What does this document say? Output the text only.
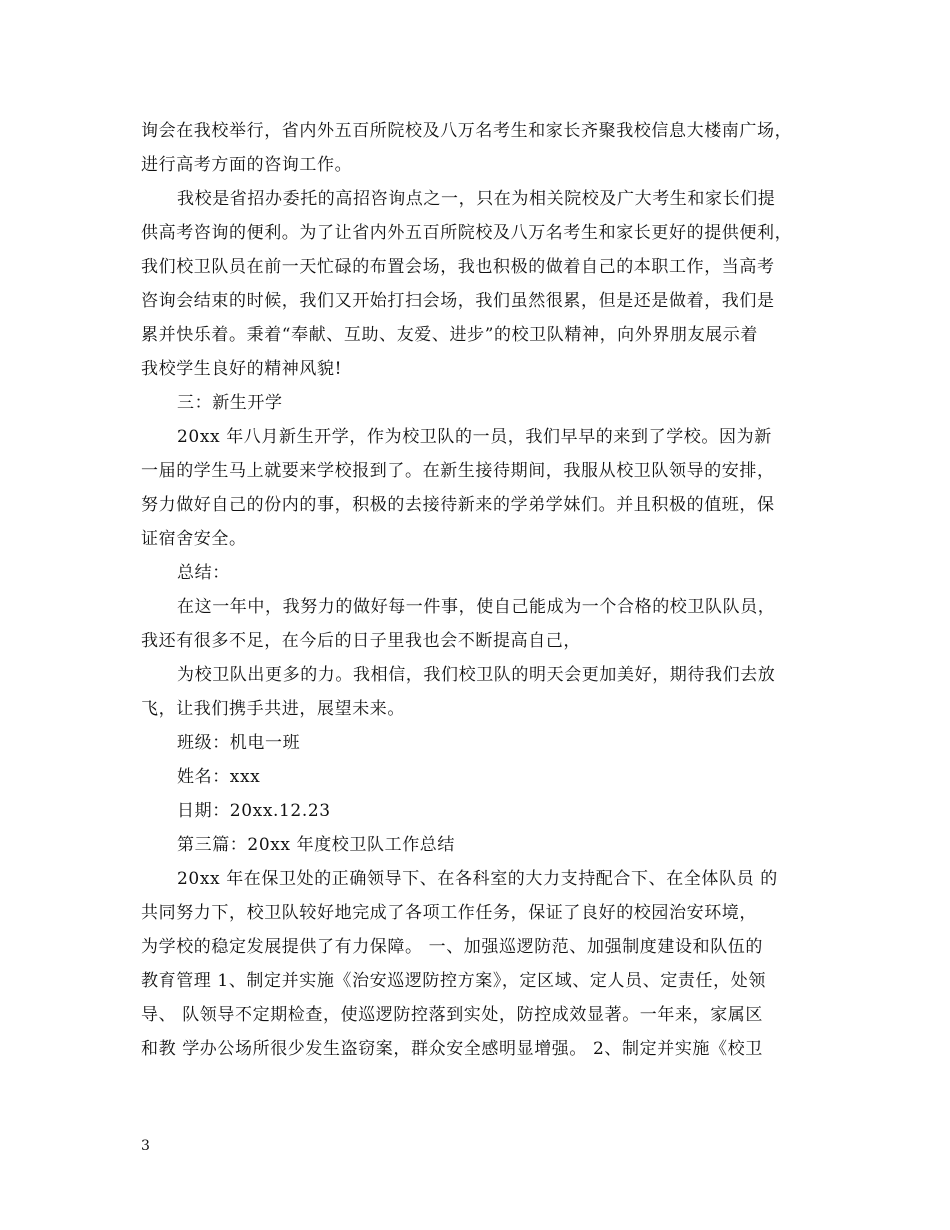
询会在我校举行，省内外五百所院校及八万名考生和家长齐聚我校信息大楼南广场，
进行高考方面的咨询工作。
我校是省招办委托的高招咨询点之一，只在为相关院校及广大考生和家长们提
供高考咨询的便利。为了让省内外五百所院校及八万名考生和家长更好的提供便利，
我们校卫队员在前一天忙碌的布置会场，我也积极的做着自己的本职工作，当高考
咨询会结束的时候，我们又开始打扫会场，我们虽然很累，但是还是做着，我们是
累并快乐着。秉着“奉献、互助、友爱、进步”的校卫队精神，向外界朋友展示着
我校学生良好的精神风貌!
三：新生开学
20xx 年八月新生开学，作为校卫队的一员，我们早早的来到了学校。因为新
一届的学生马上就要来学校报到了。在新生接待期间，我服从校卫队领导的安排，
努力做好自己的份内的事，积极的去接待新来的学弟学妹们。并且积极的值班，保
证宿舍安全。
总结：
在这一年中，我努力的做好每一件事，使自己能成为一个合格的校卫队队员，
我还有很多不足，在今后的日子里我也会不断提高自己，
为校卫队出更多的力。我相信，我们校卫队的明天会更加美好，期待我们去放
飞，让我们携手共进，展望未来。
班级：机电一班
姓名：xxx
日期：20xx.12.23
第三篇：20xx 年度校卫队工作总结
20xx 年在保卫处的正确领导下、在各科室的大力支持配合下、在全体队员 的
共同努力下，校卫队较好地完成了各项工作任务，保证了良好的校园治安环境，
为学校的稳定发展提供了有力保障。 一、加强巡逻防范、加强制度建设和队伍的
教育管理 1、制定并实施《治安巡逻防控方案》，定区域、定人员、定责任，处领
导、 队领导不定期检查，使巡逻防控落到实处，防控成效显著。一年来，家属区
和教 学办公场所很少发生盗窃案，群众安全感明显增强。 2、制定并实施《校卫
3
